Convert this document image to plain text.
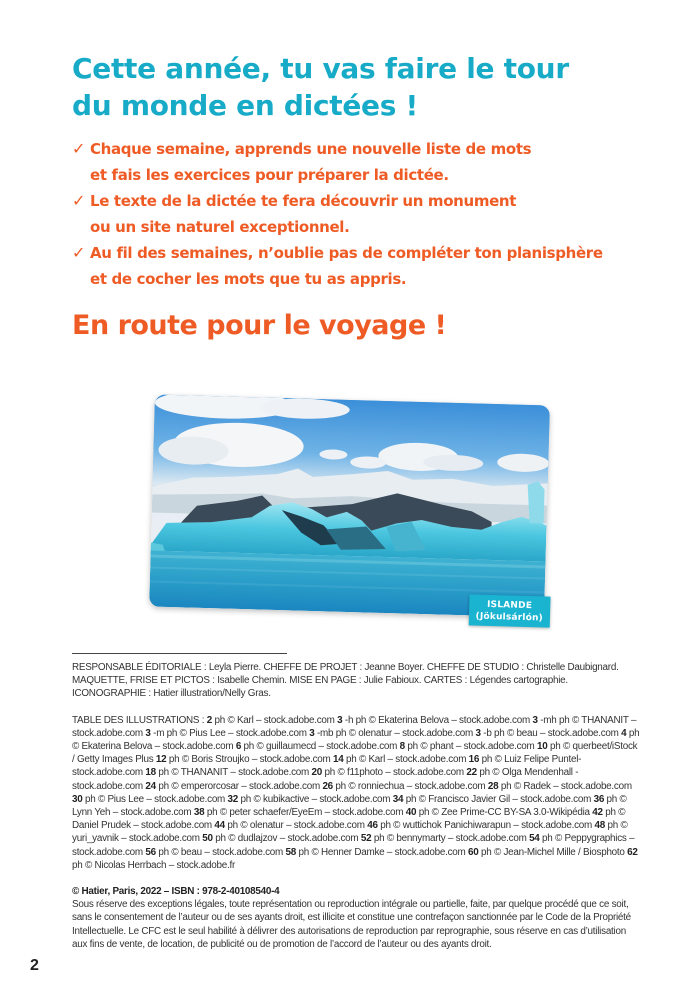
Cette année, tu vas faire le tour
du monde en dictées !
✓ Chaque semaine, apprends une nouvelle liste de mots
et fais les exercices pour préparer la dictée.
✓ Le texte de la dictée te fera découvrir un monument
ou un site naturel exceptionnel.
✓ Au fil des semaines, n’oublie pas de compléter ton planisphère
et de cocher les mots que tu as appris.
En route pour le voyage !
ISLANDE
(Jökulsárlón)

RESPONSABLE ÉDITORIALE : Leyla Pierre. CHEFFE DE PROJET : Jeanne Boyer. CHEFFE DE STUDIO : Christelle Daubignard.
MAQUETTE, FRISE ET PICTOS : Isabelle Chemin. MISE EN PAGE : Julie Fabioux. CARTES : Légendes cartographie.
ICONOGRAPHIE : Hatier illustration/Nelly Gras.

TABLE DES ILLUSTRATIONS : 2 ph © Karl – stock.adobe.com 3 -h ph © Ekaterina Belova – stock.adobe.com 3 -mh ph © THANANIT – stock.adobe.com 3 -m ph © Pius Lee – stock.adobe.com 3 -mb ph © olenatur – stock.adobe.com 3 -b ph © beau – stock.adobe.com 4 ph © Ekaterina Belova – stock.adobe.com 6 ph © guillaumecd – stock.adobe.com 8 ph © phant – stock.adobe.com 10 ph © querbeet/iStock / Getty Images Plus 12 ph © Boris Stroujko – stock.adobe.com 14 ph © Karl – stock.adobe.com 16 ph © Luiz Felipe Puntel- stock.adobe.com 18 ph © THANANIT – stock.adobe.com 20 ph © f11photo – stock.adobe.com 22 ph © Olga Mendenhall -stock.adobe.com 24 ph © emperorcosar – stock.adobe.com 26 ph © ronniechua – stock.adobe.com 28 ph © Radek – stock.adobe.com 30 ph © Pius Lee – stock.adobe.com 32 ph © kubikactive – stock.adobe.com 34 ph © Francisco Javier Gil – stock.adobe.com 36 ph © Lynn Yeh – stock.adobe.com 38 ph © peter schaefer/EyeEm – stock.adobe.com 40 ph © Zee Prime-CC BY-SA 3.0-Wikipédia 42 ph © Daniel Prudek – stock.adobe.com 44 ph © olenatur – stock.adobe.com 46 ph © wuttichok Panichiwarapun – stock.adobe.com 48 ph © yuri_yavnik – stock.adobe.com 50 ph © dudlajzov – stock.adobe.com 52 ph © bennymarty – stock.adobe.com 54 ph © Peppygraphics – stock.adobe.com 56 ph © beau – stock.adobe.com 58 ph © Henner Damke – stock.adobe.com 60 ph © Jean-Michel Mille / Biosphoto 62 ph © Nicolas Herrbach – stock.adobe.fr

© Hatier, Paris, 2022 – ISBN : 978-2-40108540-4

Sous réserve des exceptions légales, toute représentation ou reproduction intégrale ou partielle, faite, par quelque procédé que ce soit, sans le consentement de l’auteur ou de ses ayants droit, est illicite et constitue une contrefaçon sanctionnée par le Code de la Propriété Intellectuelle. Le CFC est le seul habilité à délivrer des autorisations de reproduction par reprographie, sous réserve en cas d’utilisation aux fins de vente, de location, de publicité ou de promotion de l’accord de l’auteur ou des ayants droit.

2
